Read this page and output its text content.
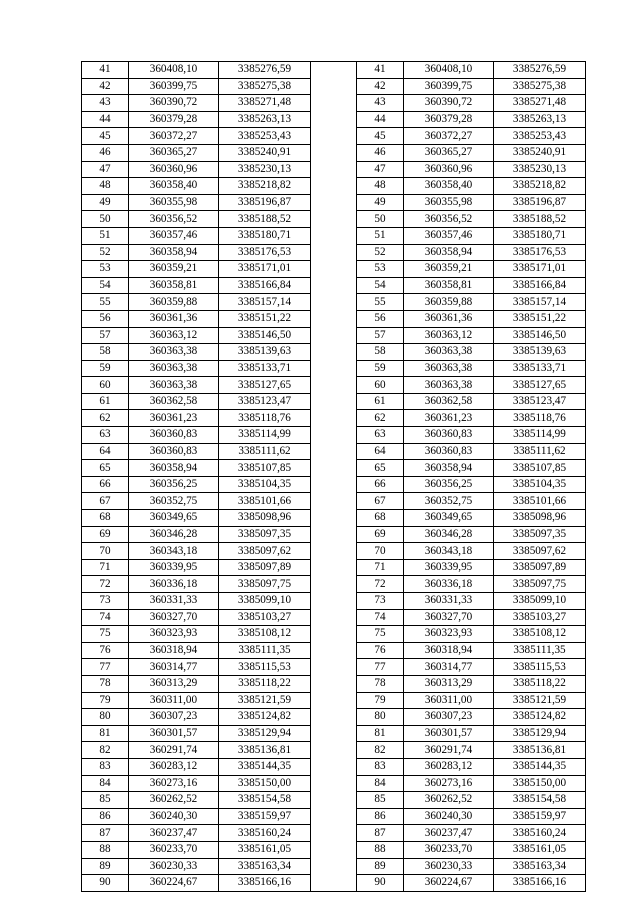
41	360408,10	3385276,59		41	360408,10	3385276,59
42	360399,75	3385275,38		42	360399,75	3385275,38
43	360390,72	3385271,48		43	360390,72	3385271,48
44	360379,28	3385263,13		44	360379,28	3385263,13
45	360372,27	3385253,43		45	360372,27	3385253,43
46	360365,27	3385240,91		46	360365,27	3385240,91
47	360360,96	3385230,13		47	360360,96	3385230,13
48	360358,40	3385218,82		48	360358,40	3385218,82
49	360355,98	3385196,87		49	360355,98	3385196,87
50	360356,52	3385188,52		50	360356,52	3385188,52
51	360357,46	3385180,71		51	360357,46	3385180,71
52	360358,94	3385176,53		52	360358,94	3385176,53
53	360359,21	3385171,01		53	360359,21	3385171,01
54	360358,81	3385166,84		54	360358,81	3385166,84
55	360359,88	3385157,14		55	360359,88	3385157,14
56	360361,36	3385151,22		56	360361,36	3385151,22
57	360363,12	3385146,50		57	360363,12	3385146,50
58	360363,38	3385139,63		58	360363,38	3385139,63
59	360363,38	3385133,71		59	360363,38	3385133,71
60	360363,38	3385127,65		60	360363,38	3385127,65
61	360362,58	3385123,47		61	360362,58	3385123,47
62	360361,23	3385118,76		62	360361,23	3385118,76
63	360360,83	3385114,99		63	360360,83	3385114,99
64	360360,83	3385111,62		64	360360,83	3385111,62
65	360358,94	3385107,85		65	360358,94	3385107,85
66	360356,25	3385104,35		66	360356,25	3385104,35
67	360352,75	3385101,66		67	360352,75	3385101,66
68	360349,65	3385098,96		68	360349,65	3385098,96
69	360346,28	3385097,35		69	360346,28	3385097,35
70	360343,18	3385097,62		70	360343,18	3385097,62
71	360339,95	3385097,89		71	360339,95	3385097,89
72	360336,18	3385097,75		72	360336,18	3385097,75
73	360331,33	3385099,10		73	360331,33	3385099,10
74	360327,70	3385103,27		74	360327,70	3385103,27
75	360323,93	3385108,12		75	360323,93	3385108,12
76	360318,94	3385111,35		76	360318,94	3385111,35
77	360314,77	3385115,53		77	360314,77	3385115,53
78	360313,29	3385118,22		78	360313,29	3385118,22
79	360311,00	3385121,59		79	360311,00	3385121,59
80	360307,23	3385124,82		80	360307,23	3385124,82
81	360301,57	3385129,94		81	360301,57	3385129,94
82	360291,74	3385136,81		82	360291,74	3385136,81
83	360283,12	3385144,35		83	360283,12	3385144,35
84	360273,16	3385150,00		84	360273,16	3385150,00
85	360262,52	3385154,58		85	360262,52	3385154,58
86	360240,30	3385159,97		86	360240,30	3385159,97
87	360237,47	3385160,24		87	360237,47	3385160,24
88	360233,70	3385161,05		88	360233,70	3385161,05
89	360230,33	3385163,34		89	360230,33	3385163,34
90	360224,67	3385166,16		90	360224,67	3385166,16
